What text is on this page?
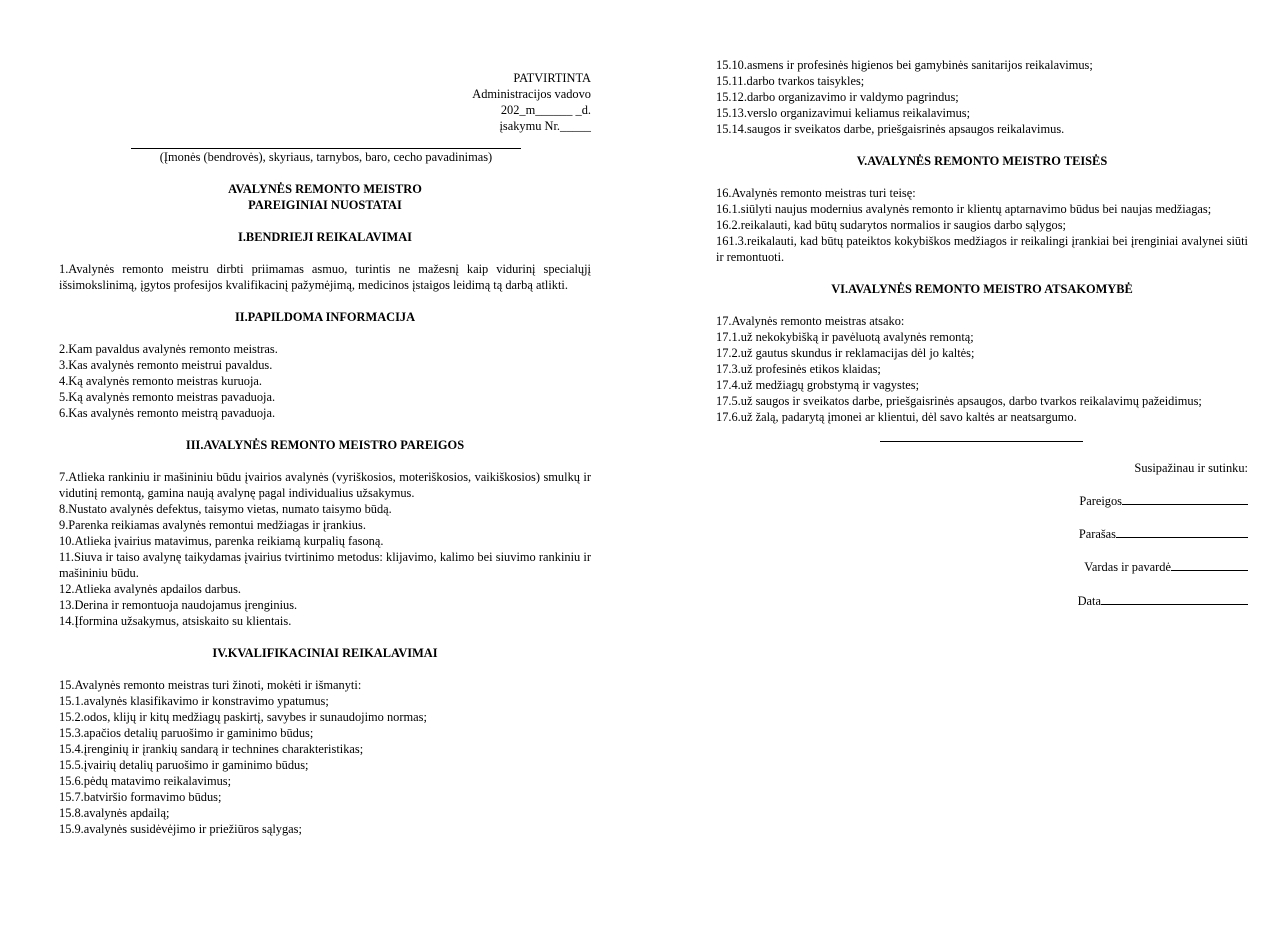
PATVIRTINTA

Administracijos vadovo

202_m______ _d.

įsakymu Nr._____

(Įmonės (bendrovės), skyriaus, tarnybos, baro, cecho pavadinimas)

AVALYNĖS REMONTO MEISTRO

PAREIGINIAI NUOSTATAI

I.BENDRIEJI REIKALAVIMAI

1.Avalynės remonto meistru dirbti priimamas asmuo, turintis ne mažesnį kaip vidurinį specialųjį išsimokslinimą, įgytos profesijos kvalifikacinį pažymėjimą, medicinos įstaigos leidimą tą darbą atlikti.

II.PAPILDOMA INFORMACIJA

2.Kam pavaldus avalynės remonto meistras.

3.Kas avalynės remonto meistrui pavaldus.

4.Ką avalynės remonto meistras kuruoja.

5.Ką avalynės remonto meistras pavaduoja.

6.Kas avalynės remonto meistrą pavaduoja.

III.AVALYNĖS REMONTO MEISTRO PAREIGOS

7.Atlieka rankiniu ir mašininiu būdu įvairios avalynės (vyriškosios, moteriškosios, vaikiškosios) smulkų ir vidutinį remontą, gamina naują avalynę pagal individualius užsakymus.

8.Nustato avalynės defektus, taisymo vietas, numato taisymo būdą.

9.Parenka reikiamas avalynės remontui medžiagas ir įrankius.

10.Atlieka įvairius matavimus, parenka reikiamą kurpalių fasoną.

11.Siuva ir taiso avalynę taikydamas įvairius tvirtinimo metodus: klijavimo, kalimo bei siuvimo rankiniu ir mašininiu būdu.

12.Atlieka avalynės apdailos darbus.

13.Derina ir remontuoja naudojamus įrenginius.

14.Įformina užsakymus, atsiskaito su klientais.

IV.KVALIFIKACINIAI REIKALAVIMAI

15.Avalynės remonto meistras turi žinoti, mokėti ir išmanyti:

15.1.avalynės klasifikavimo ir konstravimo ypatumus;

15.2.odos, klijų ir kitų medžiagų paskirtį, savybes ir sunaudojimo normas;

15.3.apačios detalių paruošimo ir gaminimo būdus;

15.4.įrenginių ir įrankių sandarą ir technines charakteristikas;

15.5.įvairių detalių paruošimo ir gaminimo būdus;

15.6.pėdų matavimo reikalavimus;

15.7.batviršio formavimo būdus;

15.8.avalynės apdailą;

15.9.avalynės susidėvėjimo ir priežiūros sąlygas;

15.10.asmens ir profesinės higienos bei gamybinės sanitarijos reikalavimus;

15.11.darbo tvarkos taisykles;

15.12.darbo organizavimo ir valdymo pagrindus;

15.13.verslo organizavimui keliamus reikalavimus;

15.14.saugos ir sveikatos darbe, priešgaisrinės apsaugos reikalavimus.

V.AVALYNĖS REMONTO MEISTRO TEISĖS

16.Avalynės remonto meistras turi teisę:

16.1.siūlyti naujus modernius avalynės remonto ir klientų aptarnavimo būdus bei naujas medžiagas;

16.2.reikalauti, kad būtų sudarytos normalios ir saugios darbo sąlygos;

161.3.reikalauti, kad būtų pateiktos kokybiškos medžiagos ir reikalingi įrankiai bei įrenginiai avalynei siūti ir remontuoti.

VI.AVALYNĖS REMONTO MEISTRO ATSAKOMYBĖ

17.Avalynės remonto meistras atsako:

17.1.už nekokybišką ir pavėluotą avalynės remontą;

17.2.už gautus skundus ir reklamacijas dėl jo kaltės;

17.3.už profesinės etikos klaidas;

17.4.už medžiagų grobstymą ir vagystes;

17.5.už saugos ir sveikatos darbe, priešgaisrinės apsaugos, darbo tvarkos reikalavimų pažeidimus;

17.6.už žalą, padarytą įmonei ar klientui, dėl savo kaltės ar neatsargumo.

Susipažinau ir sutinku:

Pareigos

Parašas

Vardas ir pavardė

Data
